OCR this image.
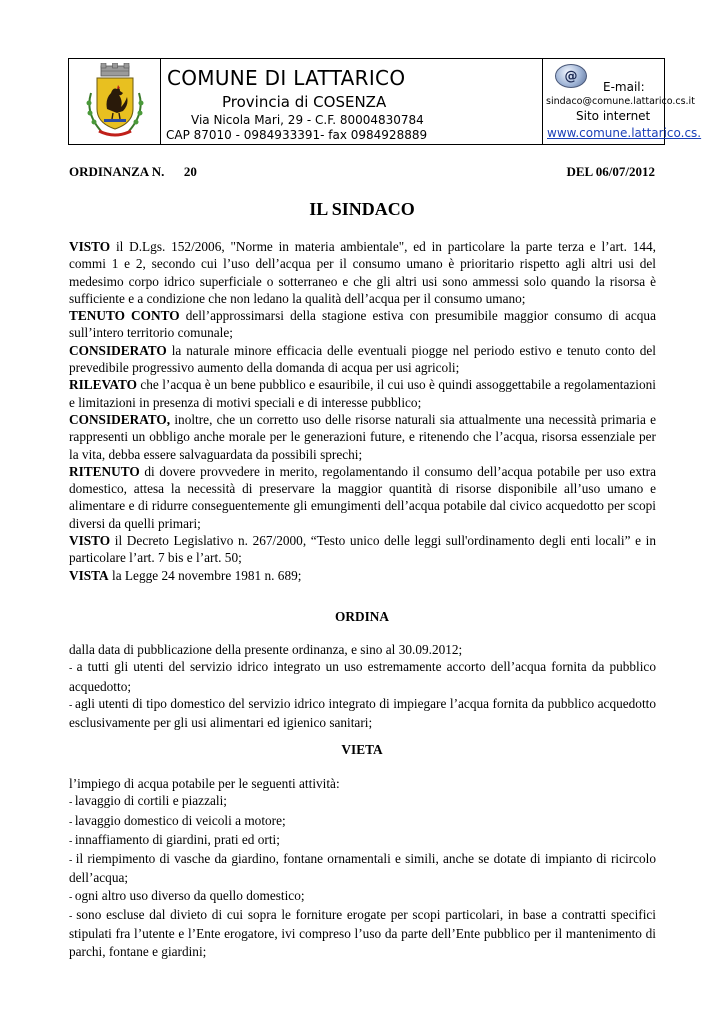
COMUNE DI LATTARICO
Provincia di COSENZA
Via Nicola Mari, 29 - C.F. 80004830784
CAP 87010 - 0984933391- fax 0984928889
@
E-mail:
sindaco@comune.lattarico.cs.it
Sito internet
www.comune.lattarico.cs.
ORDINANZA N.      20	DEL 06/07/2012
IL SINDACO
VISTO il D.Lgs. 152/2006, "Norme in materia ambientale", ed in particolare la parte terza e l’art. 144, commi 1 e 2, secondo cui l’uso dell’acqua per il consumo umano è prioritario rispetto agli altri usi del medesimo corpo idrico superficiale o sotterraneo e che gli altri usi sono ammessi solo quando la risorsa è sufficiente e a condizione che non ledano la qualità dell’acqua per il consumo umano;
TENUTO CONTO dell’approssimarsi della stagione estiva con presumibile maggior consumo di acqua sull’intero territorio comunale;
CONSIDERATO la naturale minore efficacia delle eventuali piogge nel periodo estivo e tenuto conto del prevedibile progressivo aumento della domanda di acqua per usi agricoli;
RILEVATO che l’acqua è un bene pubblico e esauribile, il cui uso è quindi assoggettabile a regolamentazioni e limitazioni in presenza di motivi speciali e di interesse pubblico;
CONSIDERATO, inoltre, che un corretto uso delle risorse naturali sia attualmente una necessità primaria e rappresenti un obbligo anche morale per le generazioni future, e ritenendo che l’acqua, risorsa essenziale per la vita, debba essere salvaguardata da possibili sprechi;
RITENUTO di dovere provvedere in merito, regolamentando il consumo dell’acqua potabile per uso extra domestico, attesa la necessità di preservare la maggior quantità di risorse disponibile all’uso umano e alimentare e di ridurre conseguentemente gli emungimenti dell’acqua potabile dal civico acquedotto per scopi diversi da quelli primari;
VISTO il Decreto Legislativo n. 267/2000, “Testo unico delle leggi sull'ordinamento degli enti locali” e in particolare l’art. 7 bis e l’art. 50;
VISTA la Legge 24 novembre 1981 n. 689;
ORDINA
dalla data di pubblicazione della presente ordinanza, e sino al 30.09.2012;
- a tutti gli utenti del servizio idrico integrato un uso estremamente accorto dell’acqua fornita da pubblico acquedotto;
- agli utenti di tipo domestico del servizio idrico integrato di impiegare l’acqua fornita da pubblico acquedotto esclusivamente per gli usi alimentari ed igienico sanitari;
VIETA
l’impiego di acqua potabile per le seguenti attività:
- lavaggio di cortili e piazzali;
- lavaggio domestico di veicoli a motore;
- innaffiamento di giardini, prati ed orti;
- il riempimento di vasche da giardino, fontane ornamentali e simili, anche se dotate di impianto di ricircolo dell’acqua;
- ogni altro uso diverso da quello domestico;
- sono escluse dal divieto di cui sopra le forniture erogate per scopi particolari, in base a contratti specifici stipulati fra l’utente e l’Ente erogatore, ivi compreso l’uso da parte dell’Ente pubblico per il mantenimento di parchi, fontane e giardini;
